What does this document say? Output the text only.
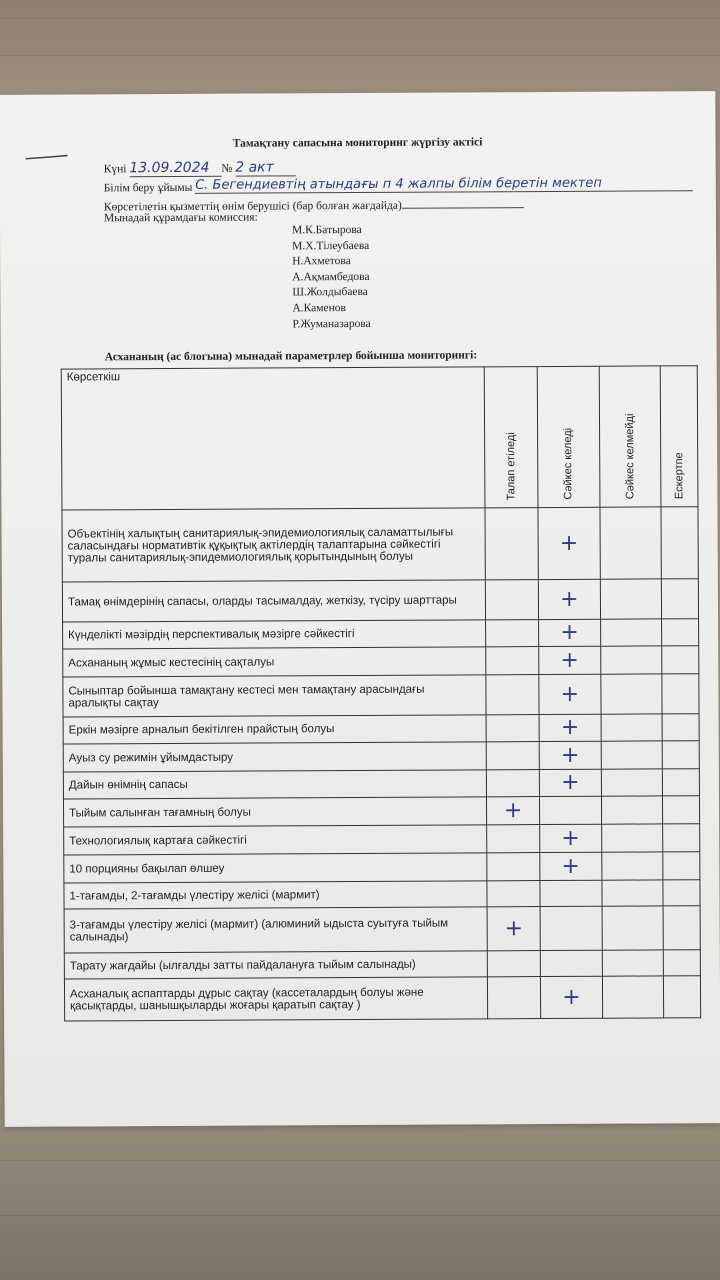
Тамақтану сапасына мониторинг жүргізу актісі
Күні 13.09.2024 № 2 акт
Білім беру ұйымы С. Бегендиевтің атындағы п 4 жалпы білім беретін мектеп
Көрсетілетін қызметтің өнім берушісі (бар болған жағдайда)
Мынадай құрамдағы комиссия:
М.К.Батырова
М.Х.Тілеубаева
Н.Ахметова
А.Ақмамбедова
Ш.Жолдыбаева
А.Каменов
Р.Жуманазарова
Асхананың (ас блогына) мынадай параметрлер бойынша мониторингі:
Көрсеткіш	Талап етіледі	Сәйкес келеді	Сәйкес келмейді	Ескертпе
Объектінің халықтың санитариялық-эпидемиологиялық саламаттылығы саласындағы нормативтік құқықтық актілердің талаптарына сәйкестігі туралы санитариялық-эпидемиологиялық қорытындының болуы		+		
Тамақ өнімдерінің сапасы, оларды тасымалдау, жеткізу, түсіру шарттары		+		
Күнделікті мәзірдің перспективалық мәзірге сәйкестігі		+		
Асхананың жұмыс кестесінің сақталуы		+		
Сыныптар бойынша тамақтану кестесі мен тамақтану арасындағы аралықты сақтау		+		
Еркін мәзірге арналып бекітілген прайстың болуы		+		
Ауыз су режимін ұйымдастыру		+		
Дайын өнімнің сапасы		+		
Тыйым салынған тағамның болуы	+			
Технологиялық картаға сәйкестігі		+		
10 порцияны бақылап өлшеу		+		
1-тағамды, 2-тағамды үлестіру желісі (мармит)				
3-тағамды үлестіру желісі (мармит) (алюминий ыдыста суытуға тыйым салынады)	+			
Тарату жағдайы (ылғалды затты пайдалануға тыйым салынады)				
Асханалық аспаптарды дұрыс сақтау (кассеталардың болуы және қасықтарды, шанышқыларды жоғары қаратып сақтау )		+		
